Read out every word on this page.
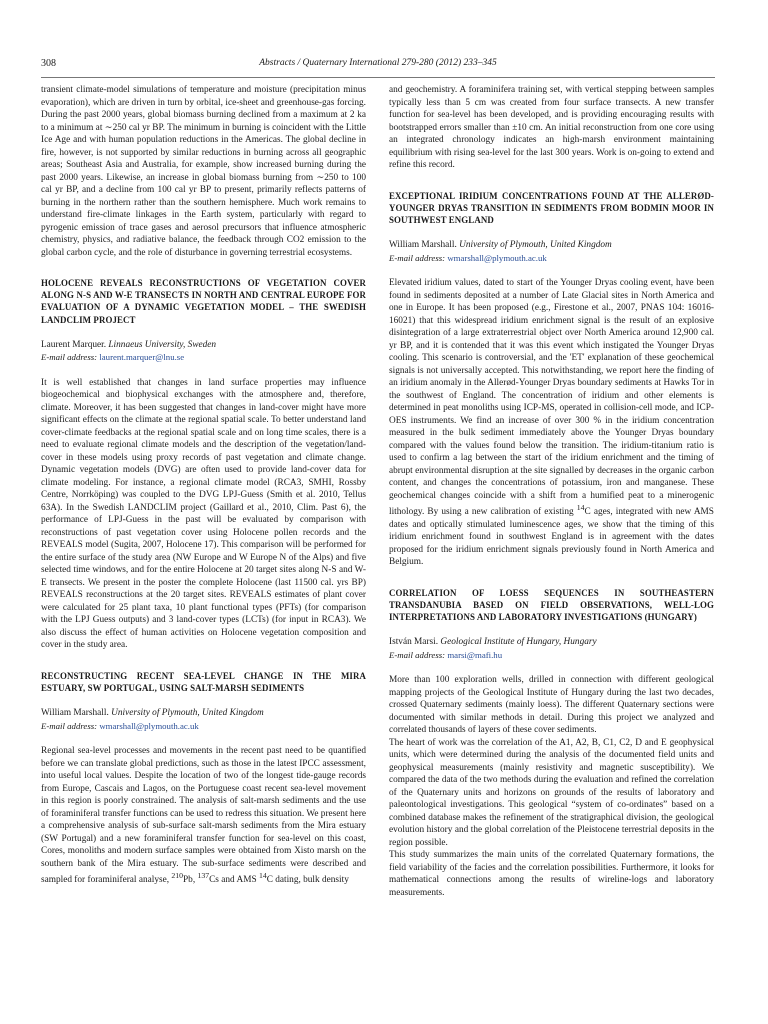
308	Abstracts / Quaternary International 279-280 (2012) 233–345

transient climate-model simulations of temperature and moisture (precipitation minus evaporation), which are driven in turn by orbital, ice-sheet and greenhouse-gas forcing. During the past 2000 years, global biomass burning declined from a maximum at 2 ka to a minimum at ∼250 cal yr BP. The minimum in burning is coincident with the Little Ice Age and with human population reductions in the Americas. The global decline in fire, however, is not supported by similar reductions in burning across all geographic areas; Southeast Asia and Australia, for example, show increased burning during the past 2000 years. Likewise, an increase in global biomass burning from ∼250 to 100 cal yr BP, and a decline from 100 cal yr BP to present, primarily reflects patterns of burning in the northern rather than the southern hemisphere. Much work remains to understand fire-climate linkages in the Earth system, particularly with regard to pyrogenic emission of trace gases and aerosol precursors that influence atmospheric chemistry, physics, and radiative balance, the feedback through CO2 emission to the global carbon cycle, and the role of disturbance in governing terrestrial ecosystems.

HOLOCENE REVEALS RECONSTRUCTIONS OF VEGETATION COVER ALONG N-S AND W-E TRANSECTS IN NORTH AND CENTRAL EUROPE FOR EVALUATION OF A DYNAMIC VEGETATION MODEL – THE SWEDISH LANDCLIM PROJECT

Laurent Marquer. Linnaeus University, Sweden

E-mail address: laurent.marquer@lnu.se

It is well established that changes in land surface properties may influence biogeochemical and biophysical exchanges with the atmosphere and, therefore, climate. Moreover, it has been suggested that changes in land-cover might have more significant effects on the climate at the regional spatial scale. To better understand land cover-climate feedbacks at the regional spatial scale and on long time scales, there is a need to evaluate regional climate models and the description of the vegetation/land-cover in these models using proxy records of past vegetation and climate change. Dynamic vegetation models (DVG) are often used to provide land-cover data for climate modeling. For instance, a regional climate model (RCA3, SMHI, Rossby Centre, Norrköping) was coupled to the DVG LPJ-Guess (Smith et al. 2010, Tellus 63A). In the Swedish LANDCLIM project (Gaillard et al., 2010, Clim. Past 6), the performance of LPJ-Guess in the past will be evaluated by comparison with reconstructions of past vegetation cover using Holocene pollen records and the REVEALS model (Sugita, 2007, Holocene 17). This comparison will be performed for the entire surface of the study area (NW Europe and W Europe N of the Alps) and five selected time windows, and for the entire Holocene at 20 target sites along N-S and W-E transects. We present in the poster the complete Holocene (last 11500 cal. yrs BP) REVEALS reconstructions at the 20 target sites. REVEALS estimates of plant cover were calculated for 25 plant taxa, 10 plant functional types (PFTs) (for comparison with the LPJ Guess outputs) and 3 land-cover types (LCTs) (for input in RCA3). We also discuss the effect of human activities on Holocene vegetation composition and cover in the study area.

RECONSTRUCTING RECENT SEA-LEVEL CHANGE IN THE MIRA ESTUARY, SW PORTUGAL, USING SALT-MARSH SEDIMENTS

William Marshall. University of Plymouth, United Kingdom

E-mail address: wmarshall@plymouth.ac.uk

Regional sea-level processes and movements in the recent past need to be quantified before we can translate global predictions, such as those in the latest IPCC assessment, into useful local values. Despite the location of two of the longest tide-gauge records from Europe, Cascais and Lagos, on the Portuguese coast recent sea-level movement in this region is poorly constrained. The analysis of salt-marsh sediments and the use of foraminiferal transfer functions can be used to redress this situation. We present here a comprehensive analysis of sub-surface salt-marsh sediments from the Mira estuary (SW Portugal) and a new foraminiferal transfer function for sea-level on this coast, Cores, monoliths and modern surface samples were obtained from Xisto marsh on the southern bank of the Mira estuary. The sub-surface sediments were described and sampled for foraminiferal analyse, $^{210}$Pb, $^{137}$Cs and AMS $^{14}$C dating, bulk density

and geochemistry. A foraminifera training set, with vertical stepping between samples typically less than 5 cm was created from four surface transects. A new transfer function for sea-level has been developed, and is providing encouraging results with bootstrapped errors smaller than ±10 cm. An initial reconstruction from one core using an integrated chronology indicates an high-marsh environment maintaining equilibrium with rising sea-level for the last 300 years. Work is on-going to extend and refine this record.

EXCEPTIONAL IRIDIUM CONCENTRATIONS FOUND AT THE ALLERØD-YOUNGER DRYAS TRANSITION IN SEDIMENTS FROM BODMIN MOOR IN SOUTHWEST ENGLAND

William Marshall. University of Plymouth, United Kingdom

E-mail address: wmarshall@plymouth.ac.uk

Elevated iridium values, dated to start of the Younger Dryas cooling event, have been found in sediments deposited at a number of Late Glacial sites in North America and one in Europe. It has been proposed (e.g., Firestone et al., 2007, PNAS 104: 16016-16021) that this widespread iridium enrichment signal is the result of an explosive disintegration of a large extraterrestrial object over North America around 12,900 cal. yr BP, and it is contended that it was this event which instigated the Younger Dryas cooling. This scenario is controversial, and the 'ET' explanation of these geochemical signals is not universally accepted. This notwithstanding, we report here the finding of an iridium anomaly in the Allerød-Younger Dryas boundary sediments at Hawks Tor in the southwest of England. The concentration of iridium and other elements is determined in peat monoliths using ICP-MS, operated in collision-cell mode, and ICP-OES instruments. We find an increase of over 300 % in the iridium concentration measured in the bulk sediment immediately above the Younger Dryas boundary compared with the values found below the transition. The iridium-titanium ratio is used to confirm a lag between the start of the iridium enrichment and the timing of abrupt environmental disruption at the site signalled by decreases in the organic carbon content, and changes the concentrations of potassium, iron and manganese. These geochemical changes coincide with a shift from a humified peat to a minerogenic lithology. By using a new calibration of existing $^{14}$C ages, integrated with new AMS dates and optically stimulated luminescence ages, we show that the timing of this iridium enrichment found in southwest England is in agreement with the dates proposed for the iridium enrichment signals previously found in North America and Belgium.

CORRELATION OF LOESS SEQUENCES IN SOUTHEASTERN TRANSDANUBIA BASED ON FIELD OBSERVATIONS, WELL-LOG INTERPRETATIONS AND LABORATORY INVESTIGATIONS (HUNGARY)

István Marsi. Geological Institute of Hungary, Hungary

E-mail address: marsi@mafi.hu

More than 100 exploration wells, drilled in connection with different geological mapping projects of the Geological Institute of Hungary during the last two decades, crossed Quaternary sediments (mainly loess). The different Quaternary sections were documented with similar methods in detail. During this project we analyzed and correlated thousands of layers of these cover sediments.

The heart of work was the correlation of the A1, A2, B, C1, C2, D and E geophysical units, which were determined during the analysis of the documented field units and geophysical measurements (mainly resistivity and magnetic susceptibility). We compared the data of the two methods during the evaluation and refined the correlation of the Quaternary units and horizons on grounds of the results of laboratory and paleontological investigations. This geological “system of co-ordinates” based on a combined database makes the refinement of the stratigraphical division, the geological evolution history and the global correlation of the Pleistocene terrestrial deposits in the region possible.

This study summarizes the main units of the correlated Quaternary formations, the field variability of the facies and the correlation possibilities. Furthermore, it looks for mathematical connections among the results of wireline-logs and laboratory measurements.
